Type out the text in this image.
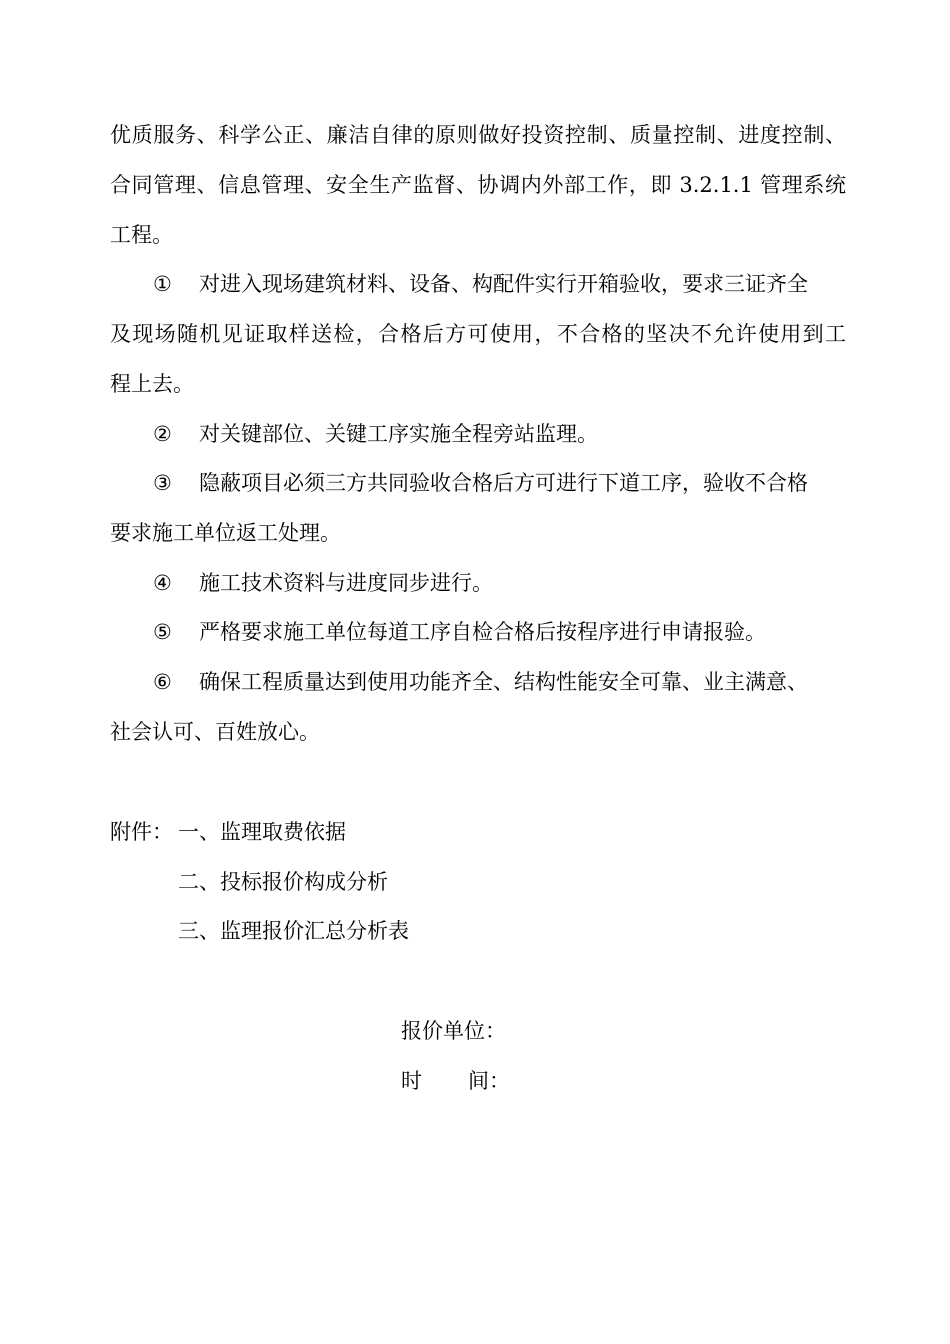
优质服务、科学公正、廉洁自律的原则做好投资控制、质量控制、进度控制、
合同管理、信息管理、安全生产监督、协调内外部工作，即 3.2.1.1 管理系统
工程。
① 对进入现场建筑材料、设备、构配件实行开箱验收，要求三证齐全
及现场随机见证取样送检，合格后方可使用，不合格的坚决不允许使用到工
程上去。
② 对关键部位、关键工序实施全程旁站监理。
③ 隐蔽项目必须三方共同验收合格后方可进行下道工序，验收不合格
要求施工单位返工处理。
④ 施工技术资料与进度同步进行。
⑤ 严格要求施工单位每道工序自检合格后按程序进行申请报验。
⑥ 确保工程质量达到使用功能齐全、结构性能安全可靠、业主满意、
社会认可、百姓放心。
附件： 一、监理取费依据
二、投标报价构成分析
三、监理报价汇总分析表
报价单位：
时 间：
